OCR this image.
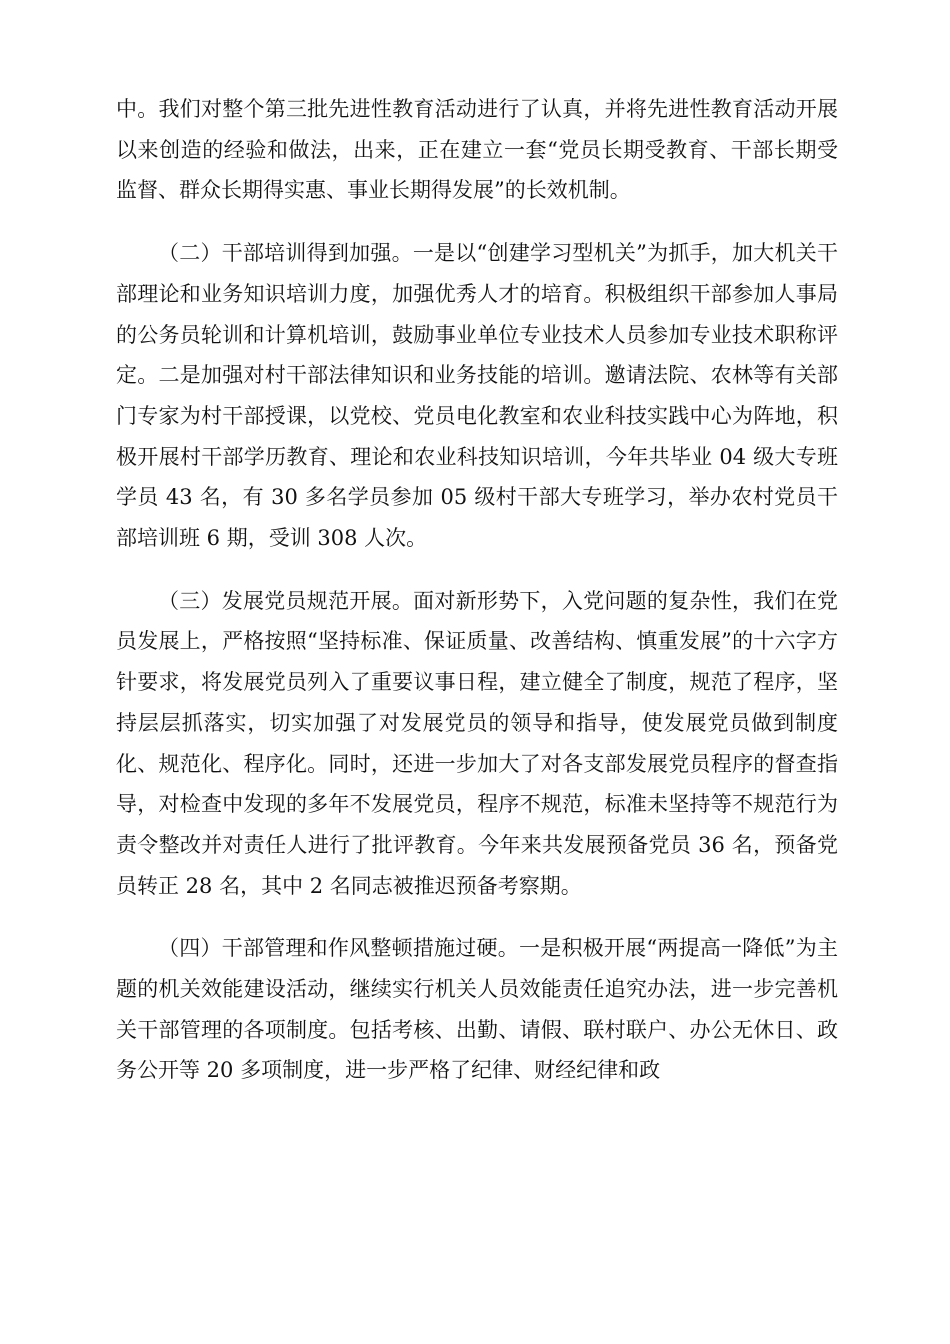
中。我们对整个第三批先进性教育活动进行了认真，并将先进性教育活动开展以来创造的经验和做法，出来，正在建立一套“党员长期受教育、干部长期受监督、群众长期得实惠、事业长期得发展”的长效机制。

（二）干部培训得到加强。一是以“创建学习型机关”为抓手，加大机关干部理论和业务知识培训力度，加强优秀人才的培育。积极组织干部参加人事局的公务员轮训和计算机培训，鼓励事业单位专业技术人员参加专业技术职称评定。二是加强对村干部法律知识和业务技能的培训。邀请法院、农林等有关部门专家为村干部授课，以党校、党员电化教室和农业科技实践中心为阵地，积极开展村干部学历教育、理论和农业科技知识培训，今年共毕业 04 级大专班学员 43 名，有 30 多名学员参加 05 级村干部大专班学习，举办农村党员干部培训班 6 期，受训 308 人次。

（三）发展党员规范开展。面对新形势下，入党问题的复杂性，我们在党员发展上，严格按照“坚持标准、保证质量、改善结构、慎重发展”的十六字方针要求，将发展党员列入了重要议事日程，建立健全了制度，规范了程序，坚持层层抓落实，切实加强了对发展党员的领导和指导，使发展党员做到制度化、规范化、程序化。同时，还进一步加大了对各支部发展党员程序的督查指导，对检查中发现的多年不发展党员，程序不规范，标准未坚持等不规范行为责令整改并对责任人进行了批评教育。今年来共发展预备党员 36 名，预备党员转正 28 名，其中 2 名同志被推迟预备考察期。

（四）干部管理和作风整顿措施过硬。一是积极开展“两提高一降低”为主题的机关效能建设活动，继续实行机关人员效能责任追究办法，进一步完善机关干部管理的各项制度。包括考核、出勤、请假、联村联户、办公无休日、政务公开等 20 多项制度，进一步严格了纪律、财经纪律和政
